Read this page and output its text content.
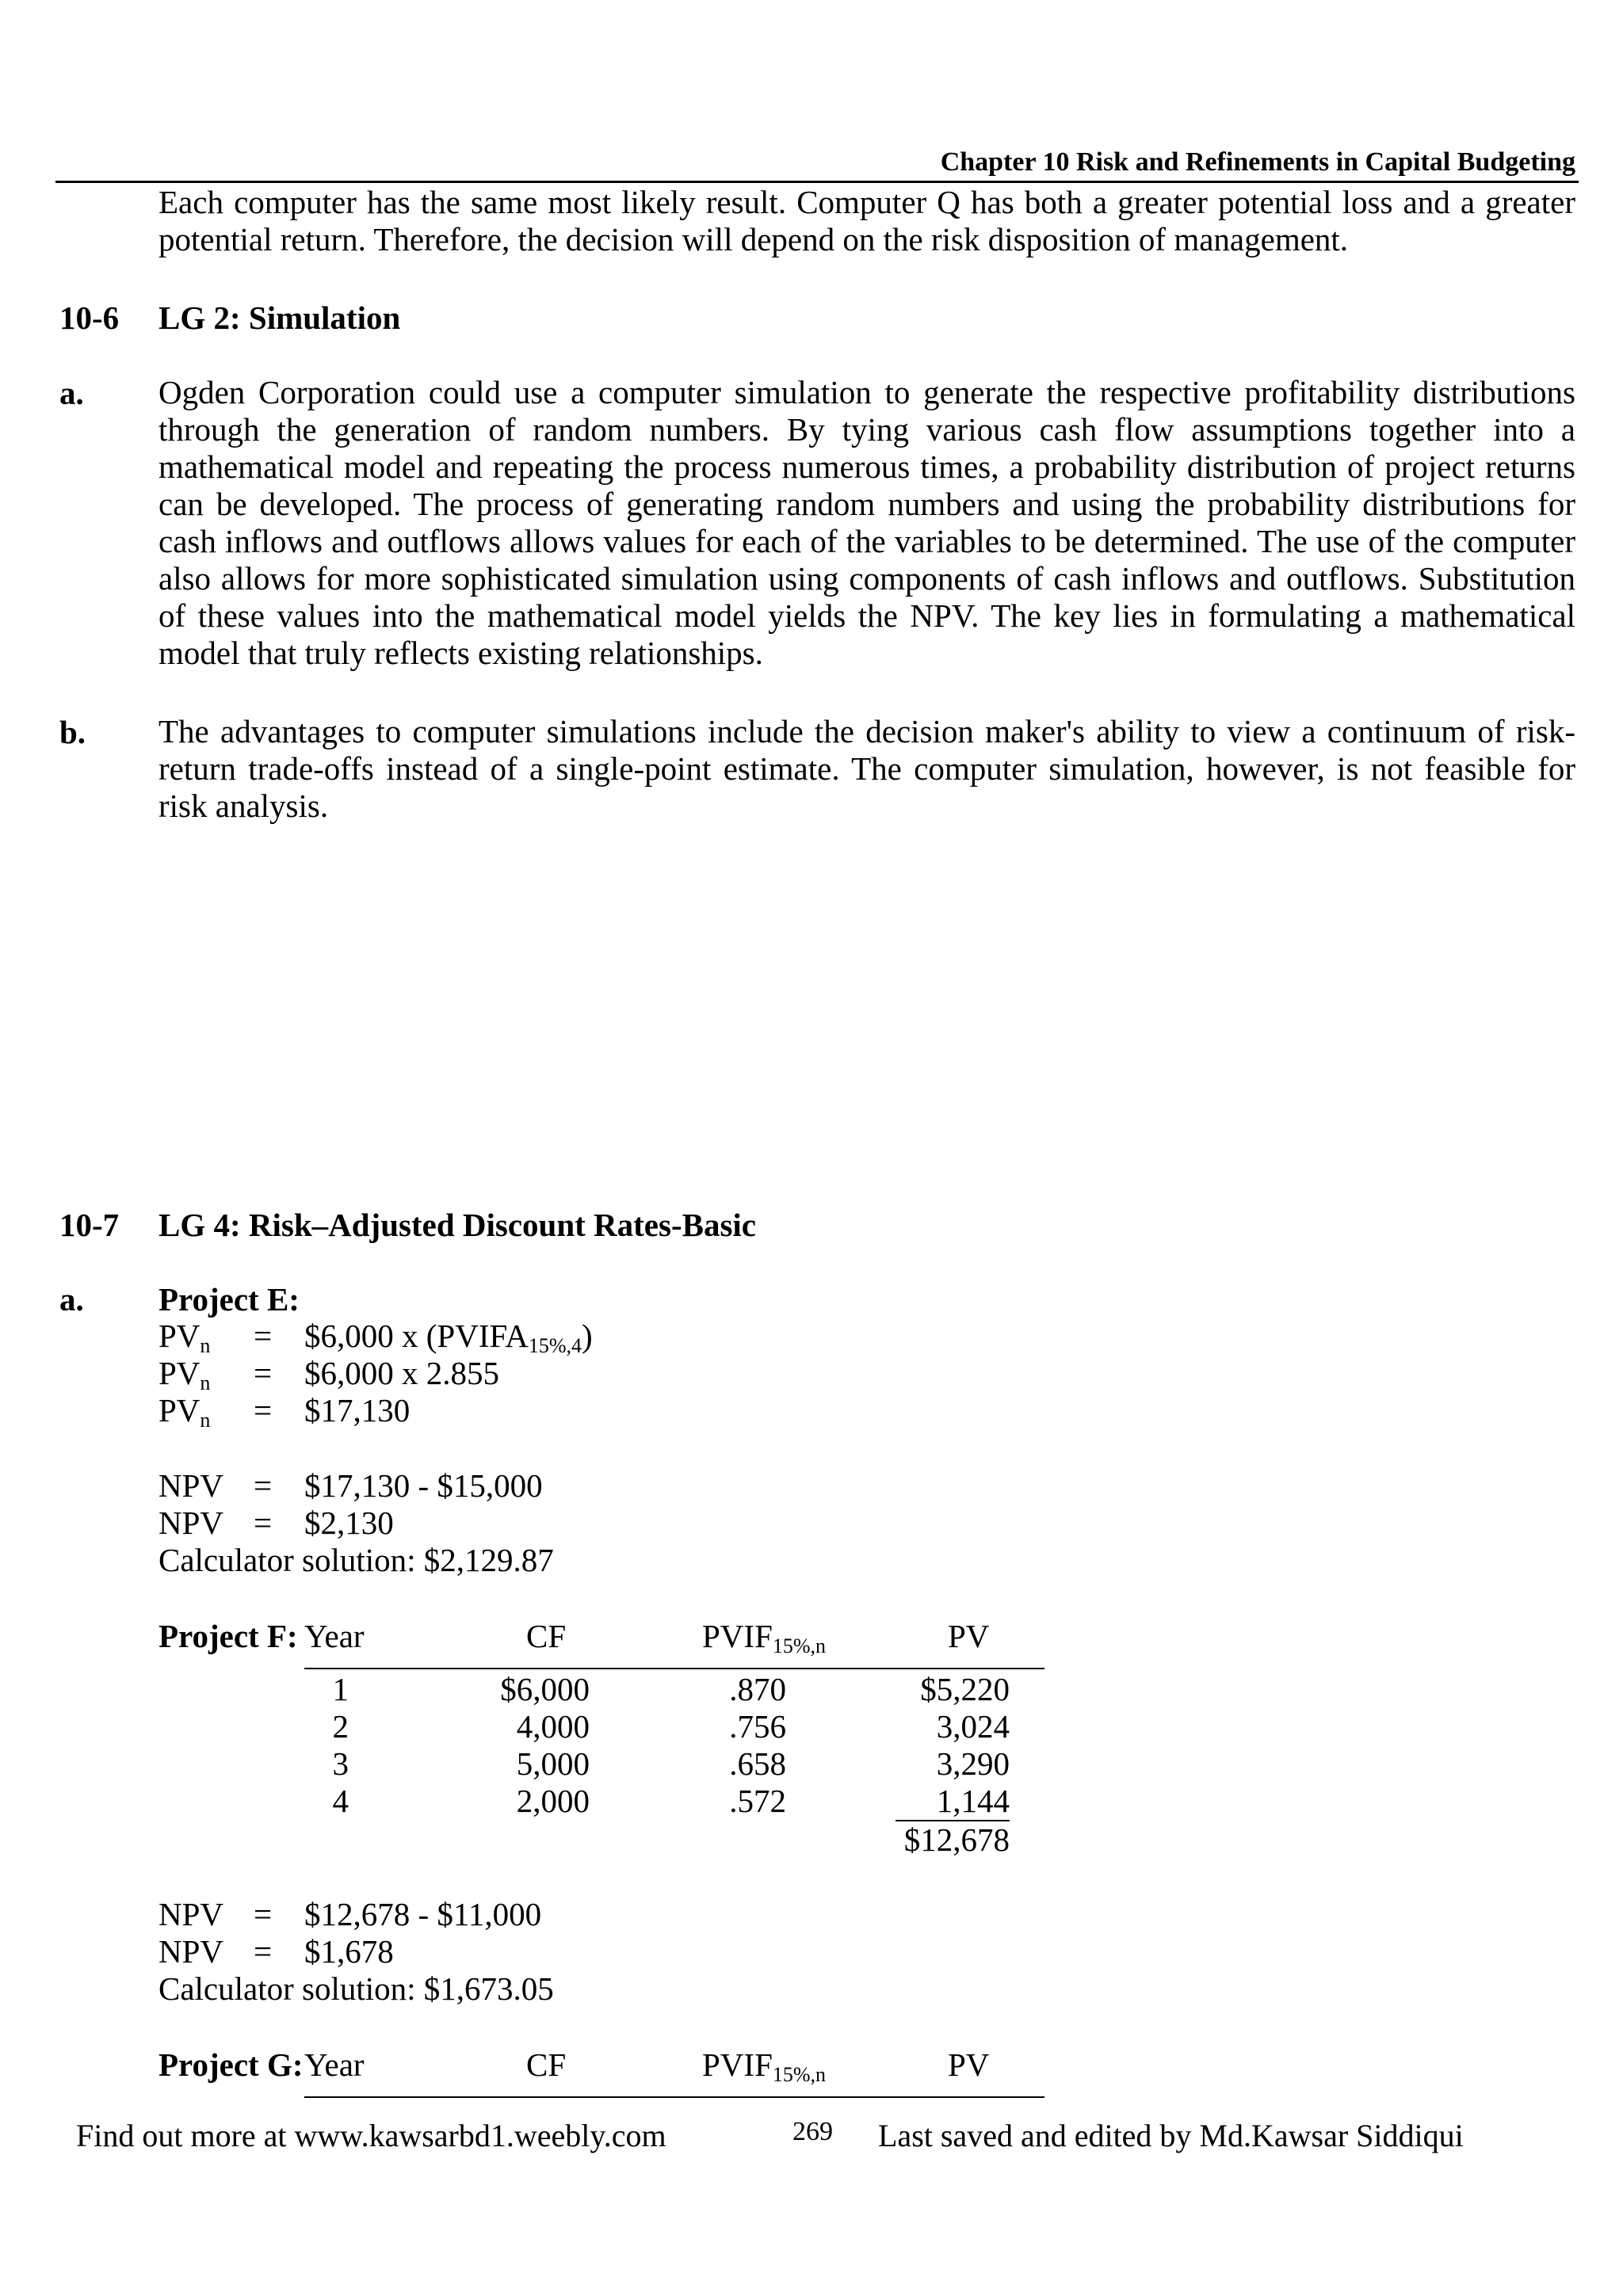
Chapter 10 Risk and Refinements in Capital Budgeting
Each computer has the same most likely result. Computer Q has both a greater potential loss and a greater potential return. Therefore, the decision will depend on the risk disposition of management.
10-6 LG 2: Simulation
a. Ogden Corporation could use a computer simulation to generate the respective profitability distributions through the generation of random numbers. By tying various cash flow assumptions together into a mathematical model and repeating the process numerous times, a probability distribution of project returns can be developed. The process of generating random numbers and using the probability distributions for cash inflows and outflows allows values for each of the variables to be determined. The use of the computer also allows for more sophisticated simulation using components of cash inflows and outflows. Substitution of these values into the mathematical model yields the NPV. The key lies in formulating a mathematical model that truly reflects existing relationships.
b. The advantages to computer simulations include the decision maker's ability to view a continuum of risk-return trade-offs instead of a single-point estimate. The computer simulation, however, is not feasible for risk analysis.
10-7 LG 4: Risk–Adjusted Discount Rates-Basic
a. Project E:
$PV_n$ = $6,000 x $(PVIFA_{15\%,4})$
$PV_n$ = $6,000 x 2.855
$PV_n$ = $17,130
NPV = $17,130 - $15,000
NPV = $2,130
Calculator solution: $2,129.87
Project F: Year	CF	$PVIF_{15\%,n}$	PV
1	$6,000	.870	$5,220
2	4,000	.756	3,024
3	5,000	.658	3,290
4	2,000	.572	1,144
$12,678
NPV = $12,678 - $11,000
NPV = $1,678
Calculator solution: $1,673.05
Project G: Year	CF	$PVIF_{15\%,n}$	PV
Find out more at www.kawsarbd1.weebly.com	269 Last saved and edited by Md.Kawsar Siddiqui
